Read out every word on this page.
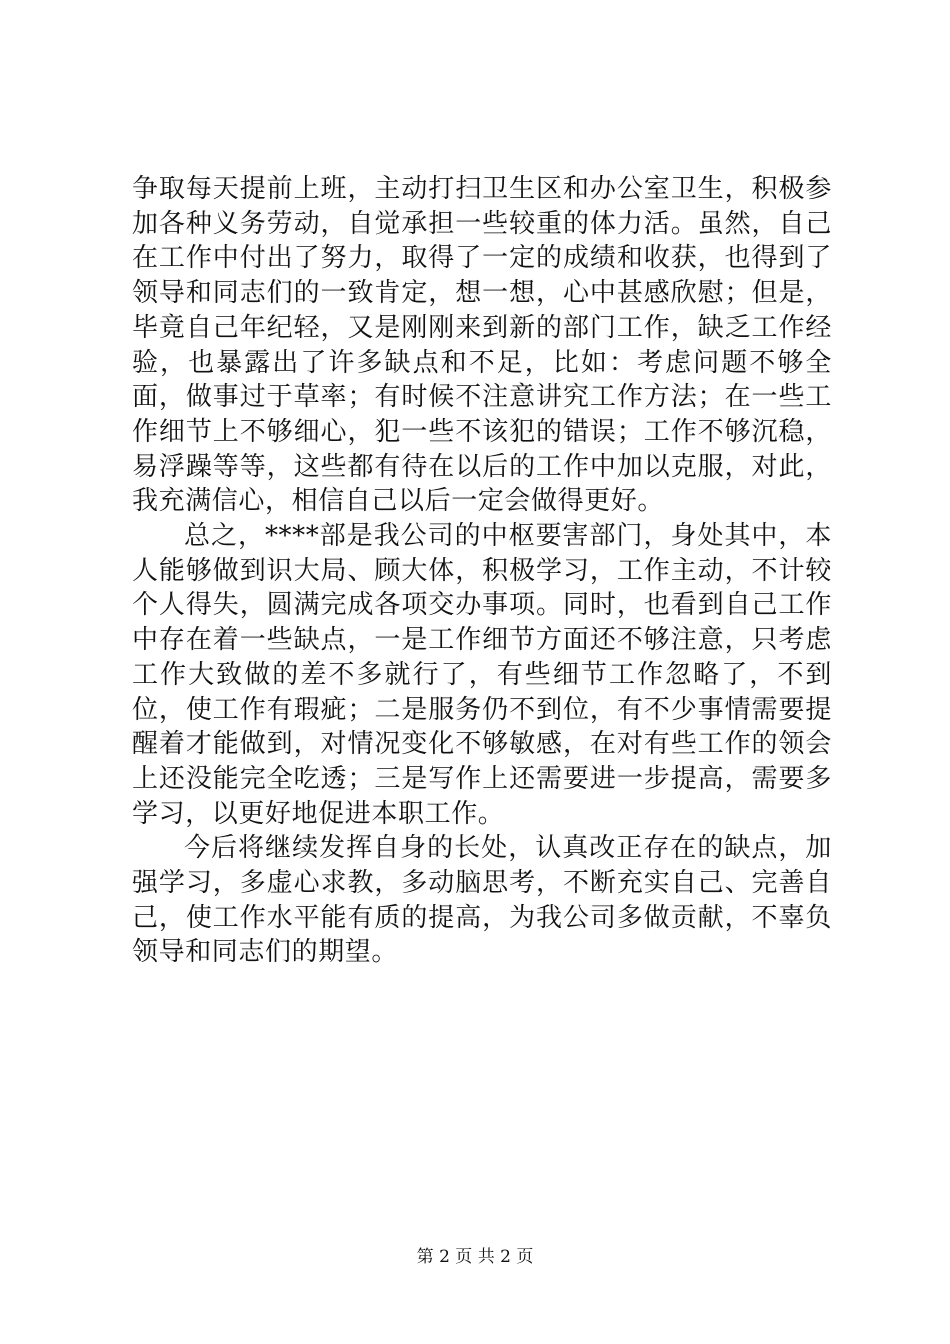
争取每天提前上班，主动打扫卫生区和办公室卫生，积极参加各种义务劳动，自觉承担一些较重的体力活。虽然，自己在工作中付出了努力，取得了一定的成绩和收获，也得到了领导和同志们的一致肯定，想一想，心中甚感欣慰；但是，毕竟自己年纪轻，又是刚刚来到新的部门工作，缺乏工作经验，也暴露出了许多缺点和不足，比如：考虑问题不够全面，做事过于草率；有时候不注意讲究工作方法；在一些工作细节上不够细心，犯一些不该犯的错误；工作不够沉稳，易浮躁等等，这些都有待在以后的工作中加以克服，对此，我充满信心，相信自己以后一定会做得更好。

总之，****部是我公司的中枢要害部门，身处其中，本人能够做到识大局、顾大体，积极学习，工作主动，不计较个人得失，圆满完成各项交办事项。同时，也看到自己工作中存在着一些缺点，一是工作细节方面还不够注意，只考虑工作大致做的差不多就行了，有些细节工作忽略了，不到位，使工作有瑕疵；二是服务仍不到位，有不少事情需要提醒着才能做到，对情况变化不够敏感，在对有些工作的领会上还没能完全吃透；三是写作上还需要进一步提高，需要多学习，以更好地促进本职工作。

今后将继续发挥自身的长处，认真改正存在的缺点，加强学习，多虚心求教，多动脑思考，不断充实自己、完善自己，使工作水平能有质的提高，为我公司多做贡献，不辜负领导和同志们的期望。

第 2 页 共 2 页
